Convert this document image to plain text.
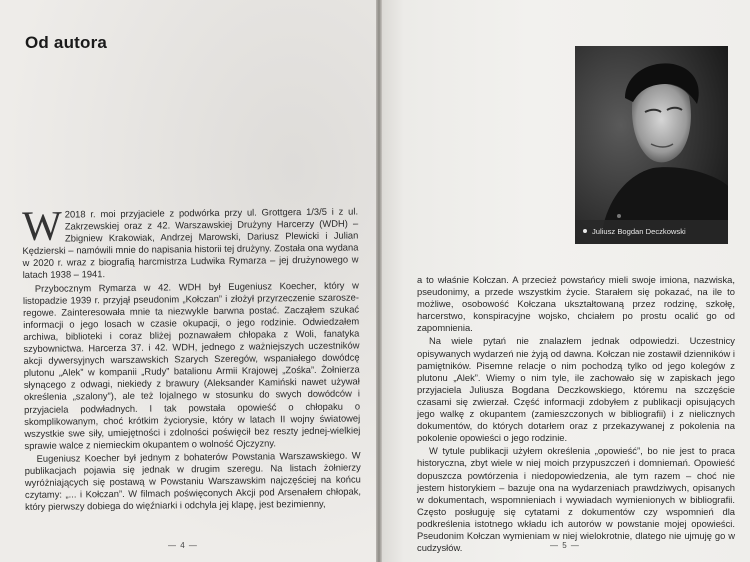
Od autora

W 2018 r. moi przyjaciele z podwórka przy ul. Grottgera 1/3/5 i z ul. Zakrzewskiej oraz z 42. Warszawskiej Drużyny Harcerzy (WDH) – Zbigniew Krakowiak, Andrzej Marowski, Dariusz Plewicki i Julian Kędzierski – namówili mnie do napisania historii tej drużyny. Została ona wydana w 2020 r. wraz z biografią harcmistrza Ludwika Rymarza – jej drużynowego w latach 1938 – 1941.

Przybocznym Rymarza w 42. WDH był Eugeniusz Koecher, który w listopadzie 1939 r. przyjął pseudonim „Kołczan” i złożył przyrzeczenie szarosze-regowe. Zainteresowała mnie ta niezwykle barwna postać. Zacząłem szukać informacji o jego losach w czasie okupacji, o jego rodzinie. Odwiedzałem archiwa, biblioteki i coraz bliżej poznawałem chłopaka z Woli, fanatyka szybownictwa. Harcerza 37. i 42. WDH, jednego z ważniejszych uczestników akcji dywersyjnych warszawskich Szarych Szeregów, wspaniałego dowódcę plutonu „Alek” w kompanii „Rudy” batalionu Armii Krajowej „Zośka”. Żołnierza słynącego z odwagi, niekiedy z brawury (Aleksander Kamiński nawet używał określenia „szalony”), ale też lojalnego w stosunku do swych dowódców i przyjaciela podwładnych. I tak powstała opowieść o chłopaku o skomplikowanym, choć krótkim życiorysie, który w latach II wojny światowej wszystkie swe siły, umiejętności i zdolności poświęcił bez reszty jednej-wielkiej sprawie walce z niemieckim okupantem o wolność Ojczyzny.

Eugeniusz Koecher był jednym z bohaterów Powstania Warszawskiego. W publikacjach pojawia się jednak w drugim szeregu. Na listach żołnierzy wyróżniających się postawą w Powstaniu Warszawskim najczęściej na końcu czytamy: „... i Kołczan”. W filmach poświęconych Akcji pod Arsenałem chłopak, który pierwszy dobiega do więźniarki i odchyla jej klapę, jest bezimienny,

— 4 —
Juliusz Bogdan Deczkowski

a to właśnie Kołczan. A przecież powstańcy mieli swoje imiona, nazwiska, pseudonimy, a przede wszystkim życie. Starałem się pokazać, na ile to możliwe, osobowość Kołczana ukształtowaną przez rodzinę, szkołę, harcerstwo, konspiracyjne wojsko, chciałem po prostu ocalić go od zapomnienia.

Na wiele pytań nie znalazłem jednak odpowiedzi. Uczestnicy opisywanych wydarzeń nie żyją od dawna. Kołczan nie zostawił dzienników i pamiętników. Pisemne relacje o nim pochodzą tylko od jego kolegów z plutonu „Alek”. Wiemy o nim tyle, ile zachowało się w zapiskach jego przyjaciela Juliusza Bogdana Deczkowskiego, któremu na szczęście czasami się zwierzał. Część informacji zdobyłem z publikacji opisujących jego walkę z okupantem (zamieszczonych w bibliografii) i z nielicznych dokumentów, do których dotarłem oraz z przekazywanej z pokolenia na pokolenie opowieści o jego rodzinie.

W tytule publikacji użyłem określenia „opowieść”, bo nie jest to praca historyczna, zbyt wiele w niej moich przypuszczeń i domniemań. Opowieść dopuszcza powtórzenia i niedopowiedzenia, ale tym razem – choć nie jestem historykiem – bazuje ona na wydarzeniach prawdziwych, opisanych w dokumentach, wspomnieniach i wywiadach wymienionych w bibliografii. Często posługuję się cytatami z dokumentów czy wspomnień dla podkreślenia istotnego wkładu ich autorów w powstanie mojej opowieści. Pseudonim Kołczan wymieniam w niej wielokrotnie, dlatego nie ujmuję go w cudzysłów.	— 5 —
